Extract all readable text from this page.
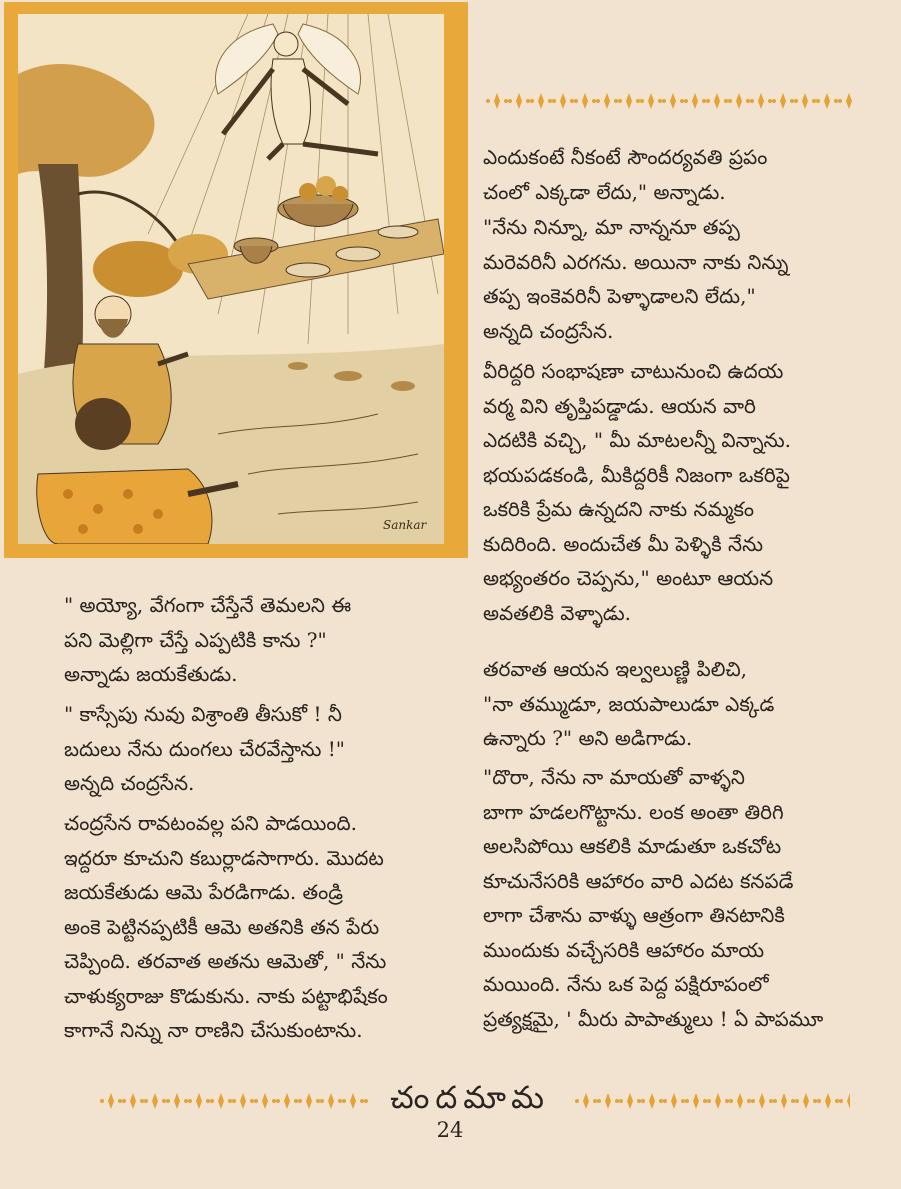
Sankar

ఎందుకంటే నీకంటే సౌందర్యవతి ప్రపం
చంలో ఎక్కడా లేదు," అన్నాడు.

"నేను నిన్నూ, మా నాన్ననూ తప్ప
మరెవరినీ ఎరగను. అయినా నాకు నిన్ను
తప్ప ఇంకెవరినీ పెళ్ళాడాలని లేదు,"
అన్నది చంద్రసేన.

వీరిద్దరి సంభాషణా చాటునుంచి ఉదయ
వర్మ విని తృప్తిపడ్డాడు. ఆయన వారి
ఎదటికి వచ్చి, " మీ మాటలన్నీ విన్నాను.
భయపడకండి, మీకిద్దరికీ నిజంగా ఒకరిపై
ఒకరికి ప్రేమ ఉన్నదని నాకు నమ్మకం
కుదిరింది. అందుచేత మీ పెళ్ళికి నేను
అభ్యంతరం చెప్పను," అంటూ ఆయన
అవతలికి వెళ్ళాడు.

తరవాత ఆయన ఇల్వలుణ్ణి పిలిచి,
"నా తమ్ముడూ, జయపాలుడూ ఎక్కడ
ఉన్నారు ?" అని అడిగాడు.

"దొరా, నేను నా మాయతో వాళ్ళని
బాగా హడలగొట్టాను. లంక అంతా తిరిగి
అలసిపోయి ఆకలికి మాడుతూ ఒకచోట
కూచునేసరికి ఆహారం వారి ఎదట కనపడే
లాగా చేశాను వాళ్ళు ఆత్రంగా తినటానికి
ముందుకు వచ్చేసరికి ఆహారం మాయ
మయింది. నేను ఒక పెద్ద పక్షిరూపంలో
ప్రత్యక్షమై, ' మీరు పాపాత్ములు ! ఏ పాపమూ

" అయ్యో, వేగంగా చేస్తేనే తెమలని ఈ
పని మెల్లిగా చేస్తే ఎప్పటికి కాను ?"
అన్నాడు జయకేతుడు.

" కాస్సేపు నువు విశ్రాంతి తీసుకో ! నీ
బదులు నేను దుంగలు చేరవేస్తాను !"
అన్నది చంద్రసేన.

చంద్రసేన రావటంవల్ల పని పాడయింది.
ఇద్దరూ కూచుని కబుర్లాడసాగారు. మొదట
జయకేతుడు ఆమె పేరడిగాడు. తండ్రి
అంకె పెట్టినప్పటికీ ఆమె అతనికి తన పేరు
చెప్పింది. తరవాత అతను ఆమెతో, " నేను
చాళుక్యరాజు కొడుకును. నాకు పట్టాభిషేకం
కాగానే నిన్ను నా రాణిని చేసుకుంటాను.

చందమామ
24
